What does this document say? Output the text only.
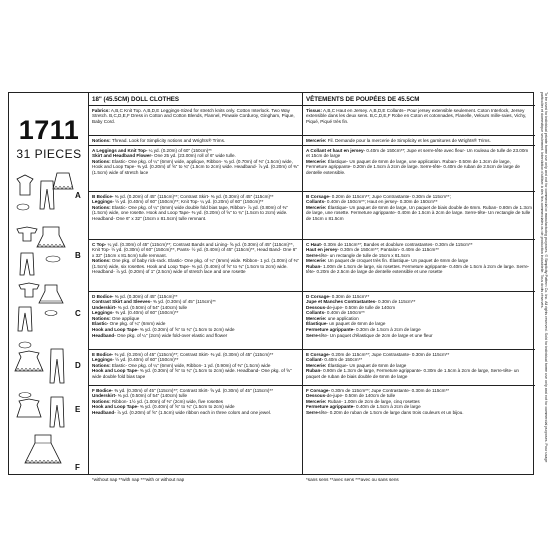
1711
31 PIECES
A
B
C
D
E
F
18" (45.5CM) DOLL CLOTHES
Fabrics: A,B,C Knit Top. A,B,D,E Leggings-Sized for stretch knits only. Cotton Interlock. Two Way Stretch. B,C,D,E,F Dress in Cotton and Cotton Blends, Flannel, Pinwale Corduroy, Gingham, Pique, Baby Cord.
Notions: Thread. Look for Simplicity notions and Wrights® Trims.
A Leggings and Knit Top- ¼ yd. (0.20m) of 60" (150cm)**
Skirt and Headband Flower- One 25 yd. (23.00m) roll of 6" wide tulle.
Notions: Elastic- One pkg. of ¼" (6mm) wide, applique, Ribbon- ¾ yd. (0.70m) of ⅜" (1.5cm) wide, Hook and Loop Tape- ⅜ yd. (0.20m) of ⅝" to ¾" (1.5cm to 2cm) wide. Headband- ⅞ yd. (0.20m) of ⅜" (1.5cm) wide of stretch lace
B Bodice- ⅜ yd. (0.20m) of 45" (115cm)**; Contrast Skirt- ⅜ yd. (0.30m) of 45" (115cm)**
Leggings- ½ yd. (0.40m) of 60" (150cm)**; Knit Top- ¼ yd. (0.20m) of 60" (150cm)**
Notions: Elastic- One pkg. of ¼" (6mm) wide double fold bias tape, Ribbon- ⅞ yd. (0.80m) of ⅜" (1.5cm) wide, one rosette. Hook and Loop Tape- ⅜ yd. (0.20m) of ⅝" to ¾" (1.5cm to 2cm) wide. Headband- One 6" x 32" (15cm x 81.5cm) tulle remnant.
C Top- ¼ yd. (0.30m) of 45" (115cm)**; Contrast Bands and Lining- ⅝ yd. (0.30m) of 45" (115cm)**, Knit Top- ½ yd. (0.30m) of 60" (150cm)**, Pants- ½ yd. (0.40m) of 45" (115cm)**, Head Band- One 6" x 32" (15cm x 81.5cm) tulle remnant.
Notions: One pkg. of baby rick-rack. Elastic- One pkg. of ¼" (6mm) wide. Ribbon- 1 yd. (1.00m) of ⅜" (1.5cm) wide, six rosettes. Hook and Loop Tape- ⅜ yd. (0.40m) of ⅝" to ¾" (1.5cm to 2cm) wide. Headband- ⅞ yd. (0.20m) of 1" (2.5cm) wide of stretch lace and one rosette
D Bodice- ⅜ yd. (0.30m) of 45" (115cm)**
Contrast Skirt and Sleeves- ⅜ yd. (0.30m) of 45" (115cm)**
Underskirt- ⅜ yd. (0.50m) of 54" (140cm) tulle
Leggings- ⅜ yd. (0.40m) of 60" (150cm)**
Notions: One applique
Elastic- One pkg. of ¼" (6mm) wide
Hook and Loop Tape- ⅜ yd. (0.30m) of ⅝" to ¾" (1.5cm to 2cm) wide
Headband- One pkg. of ¼" (2cm) wide fold-over elastic and flower
E Bodice- ⅜ yd. (0.20m) of 45" (115cm)**; Contrast Skirt- ⅜ yd. (0.30m) of 45" (115cm)**
Leggings- ½ yd. (0.40m) of 60" (150cm)**
Notions: Elastic- One pkg. of ¼" (6mm) wide, Ribbon- 1 yd. (0.90m) of ⅜" (1.5cm) wide
Hook and Loop Tape- ⅜ yd. (0.30m) of ⅝" to ¾" (1.5cm to 2cm) wide. Headband- One pkg. of ⅝" wide double fold bias tape
F Bodice- ⅜ yd. (0.30m) of 45" (115cm)**; Contrast Skirt- ⅝ yd. (0.30m) of 45" (115cm)**
Underskirt- ⅜ yd. (0.50m) of 54" (140cm) tulle
Notions: Ribbon- 1½ yd. (1.00m) of ⅜" (2cm) wide, five rosettes
Hook and Loop Tape- ⅜ yd. (0.40m) of ⅝" to ¾" (1.5cm to 2cm) wide
Headband- ⅞ yd. (0.20m) of ⅝" (1.5cm) wide ribbon each in three colors and one jewel.
VÊTEMENTS DE POUPÉES DE 45.5CM
Tissus: A,B,C Haut en Jersey. A,B,D,E Collants– Pour jersey extensible seulement. Coton Interlock, Jersey extensible dans les deux sens. B,C,D,E,F Robe en Coton et cotonnades, Flanelle, Velours mille-raies, Vichy, Piqué, Piqué très fin.
Mercerie: Fil. Demande pour la mercerie de Simplicity et les garnitures de Wrights® Trims.
A Collant et haut en jersey- 0.40m de 150cm**; Jupe et serre-tête avec fleur- Un rouleau de tulle de 23.00m et 15cm de large
Mercerie: Élastique- Un paquet de 6mm de large, une application. Ruban- 0.50m de 1.3cm de large, Fermeture agrippante- 0.20m de 1.5cm à 2cm de large. Serre-tête- 0.40m de ruban de 2.5cm de large de dentelle extensible.
B Corsage- 0.20m de 115cm**; Jupe Contrastante- 0.30m de 115cm**;
Collants- 0.40m de 150cm**; Haut en jersey- 0.30m de 150cm**
Mercerie: Élastique- Un paquet de 6mm de large, Un paquet de biais double de 6mm. Ruban- 0.80m de 1.3cm de large, une rosette. Fermeture agrippante- 0.40m de 1.5cm à 2cm de large. Serre-tête- Un rectangle de tulle de 15cm x 81.5cm
C Haut- 0.30m de 115cm**; Bandes et doublure contrastantes- 0.30m de 115cm**
Haut en jersey- 0.30m de 150cm**; Pantalon- 0.40m de 115cm**
Serre-tête- un rectangle de tulle de 15cm x 81.5cm
Mercerie: Un paquet de croquet très fin. Élastique- Un paquet de 6mm de large
Ruban- 1.00m de 1.5cm de large, six rosettes. Fermeture agrippante- 0.40m de 1.5cm à 2cm de large. Serre-tête- 0.20m de 2.5cm de large de dentelle extensible et une rosette
D Corsage- 0.30m de 115cm**
Jupe et Manches Contrastantes- 0.30m de 115cm**
Dessous-de-jupe- 0.50m de tulle de 140cm
Collants- 0.40m de 150cm**
Mercerie: une application
Élastique- un paquet de 6mm de large
Fermeture agrippante- 0.30m de 1.5cm à 2cm de large
Serre-tête- Un paquet d'élastique de 2cm de large et une fleur
E Corsage- 0.20m de 115cm**; Jupe Contrastante- 0.30m de 115cm**
Collant- 0.40m de 150cm**
Mercerie: Élastique- Un paquet de 6mm de large
Ruban- 0.90m de 1.3cm de large, Fermeture agrippante- 0.30m de 1.5cm à 2cm de large, Serre-tête- un paquet de ruban de biais double de 6mm de large
F Corsage- 0.30m de 115cm**; Jupe Contrastante- 0.30m de 115cm**
Dessous-de-jupe- 0.50m de 140cm de tulle
Mercerie: Ruban- 1.00m de 2cm de large, cinq rosettes
Fermeture agrippante- 0.40m de 1.5cm à 2cm de large
Serre-tête- 0.20m de ruban de 1.5cm de large dans trois couleurs et un bijou.
*without nap **with nap ***with or without nap	*sans sens **avec sens ***avec ou sans sens
To be used for individual private home use only and not for commercial or manufacturing purposes. © Simplicity Pattern Co. Inc. All rights reserved. Sold for individual home use only and not for commercial purposes. Pour usage particulier et domestique seulement. Interdiction d'utiliser à des fins commerciales ou de production industrielle. Tous droits réservés.
